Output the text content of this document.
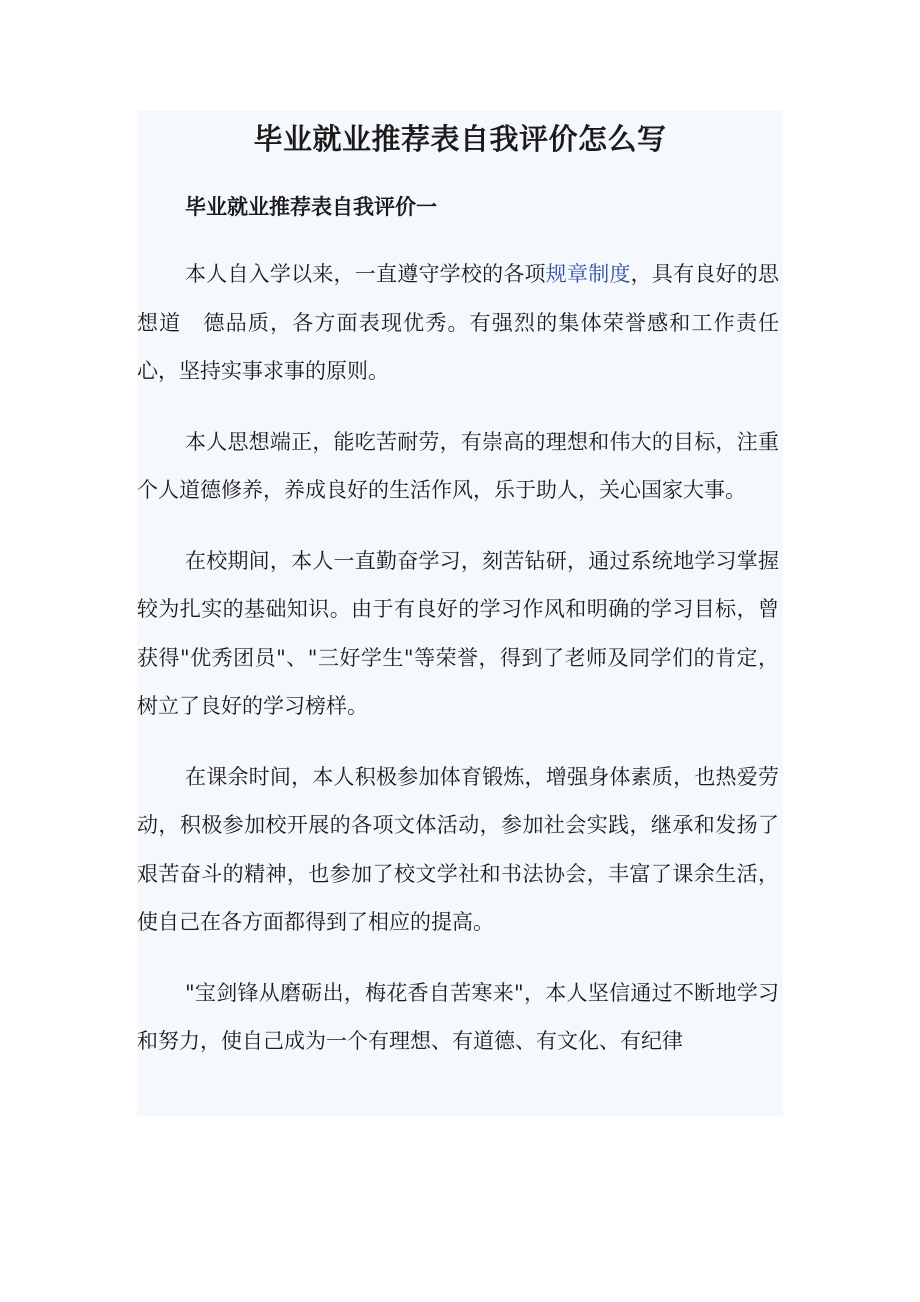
毕业就业推荐表自我评价怎么写
毕业就业推荐表自我评价一

本人自入学以来，一直遵守学校的各项规章制度，具有良好的思想道　德品质，各方面表现优秀。有强烈的集体荣誉感和工作责任心，坚持实事求事的原则。

本人思想端正，能吃苦耐劳，有崇高的理想和伟大的目标，注重个人道德修养，养成良好的生活作风，乐于助人，关心国家大事。

在校期间，本人一直勤奋学习，刻苦钻研，通过系统地学习掌握较为扎实的基础知识。由于有良好的学习作风和明确的学习目标，曾获得"优秀团员"、"三好学生"等荣誉，得到了老师及同学们的肯定，树立了良好的学习榜样。

在课余时间，本人积极参加体育锻炼，增强身体素质，也热爱劳动，积极参加校开展的各项文体活动，参加社会实践，继承和发扬了艰苦奋斗的精神，也参加了校文学社和书法协会，丰富了课余生活，使自己在各方面都得到了相应的提高。

"宝剑锋从磨砺出，梅花香自苦寒来"，本人坚信通过不断地学习和努力，使自己成为一个有理想、有道德、有文化、有纪律
